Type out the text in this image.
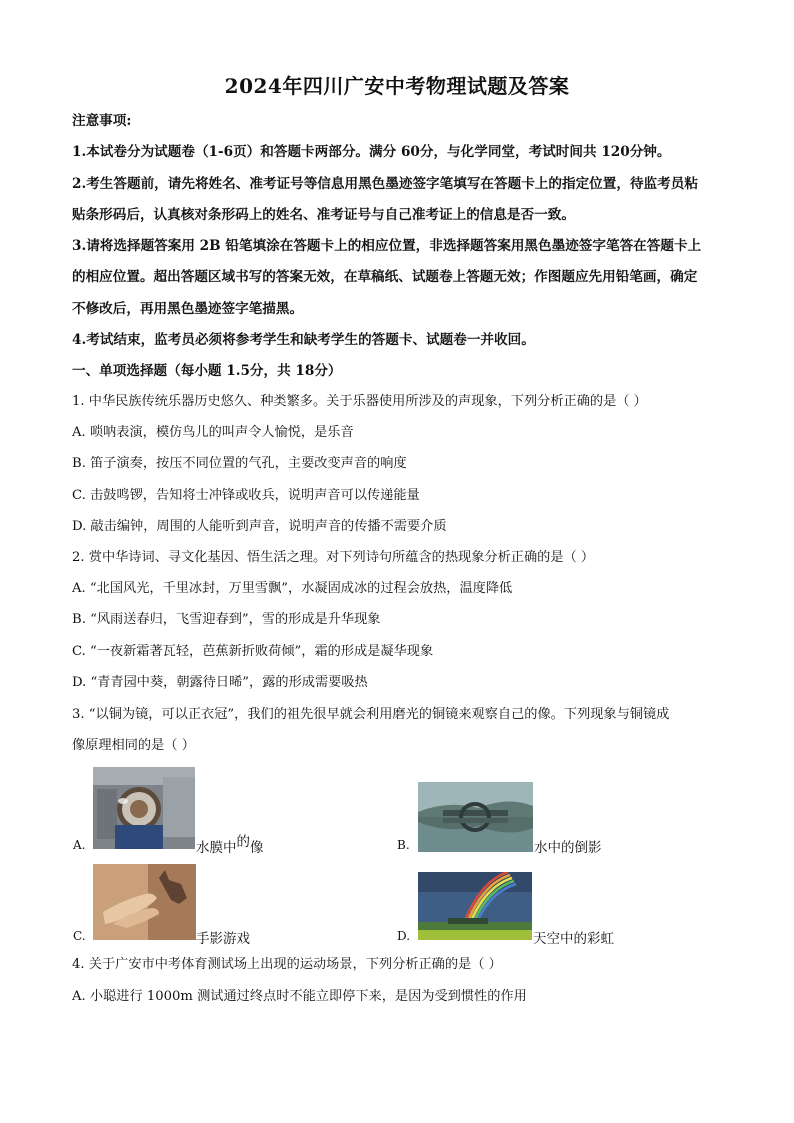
2024年四川广安中考物理试题及答案
注意事项:
1.本试卷分为试题卷（1-6页）和答题卡两部分。满分 60分，与化学同堂，考试时间共 120分钟。
2.考生答题前，请先将姓名、准考证号等信息用黑色墨迹签字笔填写在答题卡上的指定位置，待监考员粘
贴条形码后，认真核对条形码上的姓名、准考证号与自己准考证上的信息是否一致。
3.请将选择题答案用 2B 铅笔填涂在答题卡上的相应位置，非选择题答案用黑色墨迹签字笔答在答题卡上
的相应位置。超出答题区域书写的答案无效，在草稿纸、试题卷上答题无效；作图题应先用铅笔画，确定
不修改后，再用黑色墨迹签字笔描黑。
4.考试结束，监考员必须将参考学生和缺考学生的答题卡、试题卷一并收回。
一、单项选择题（每小题 1.5分，共 18分）
1. 中华民族传统乐器历史悠久、种类繁多。关于乐器使用所涉及的声现象，下列分析正确的是（ ）
A. 唢呐表演，模仿鸟儿的叫声令人愉悦，是乐音
B. 笛子演奏，按压不同位置的气孔，主要改变声音的响度
C. 击鼓鸣锣，告知将士冲锋或收兵，说明声音可以传递能量
D. 敲击编钟，周围的人能听到声音，说明声音的传播不需要介质
2. 赏中华诗词、寻文化基因、悟生活之理。对下列诗句所蕴含的热现象分析正确的是（ ）
A. “北国风光，千里冰封，万里雪飘”，水凝固成冰的过程会放热，温度降低
B. “风雨送春归，飞雪迎春到”，雪的形成是升华现象
C. “一夜新霜著瓦轻，芭蕉新折败荷倾”，霜的形成是凝华现象
D. “青青园中葵，朝露待日晞”，露的形成需要吸热
3. “以铜为镜，可以正衣冠”，我们的祖先很早就会利用磨光的铜镜来观察自己的像。下列现象与铜镜成
像原理相同的是（ ）
A.	水膜中的像	B.	水中的倒影
C.	手影游戏	D.	天空中的彩虹
4. 关于广安市中考体育测试场上出现的运动场景，下列分析正确的是（ ）
A. 小聪进行 1000m 测试通过终点时不能立即停下来，是因为受到惯性的作用
